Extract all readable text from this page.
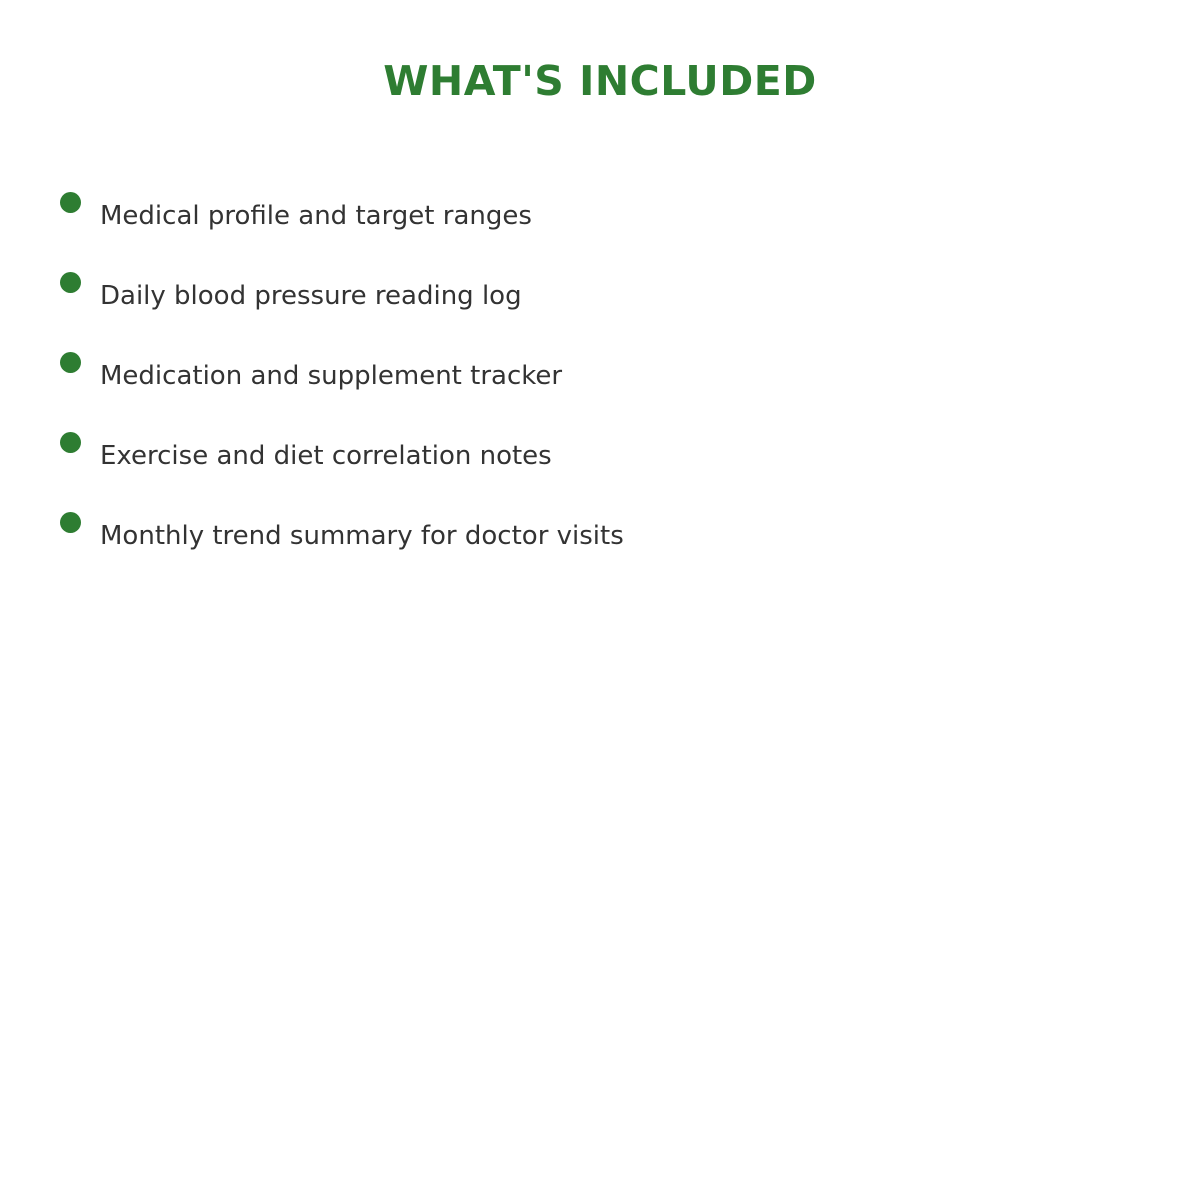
WHAT'S INCLUDED
Medical profile and target ranges
Daily blood pressure reading log
Medication and supplement tracker
Exercise and diet correlation notes
Monthly trend summary for doctor visits
